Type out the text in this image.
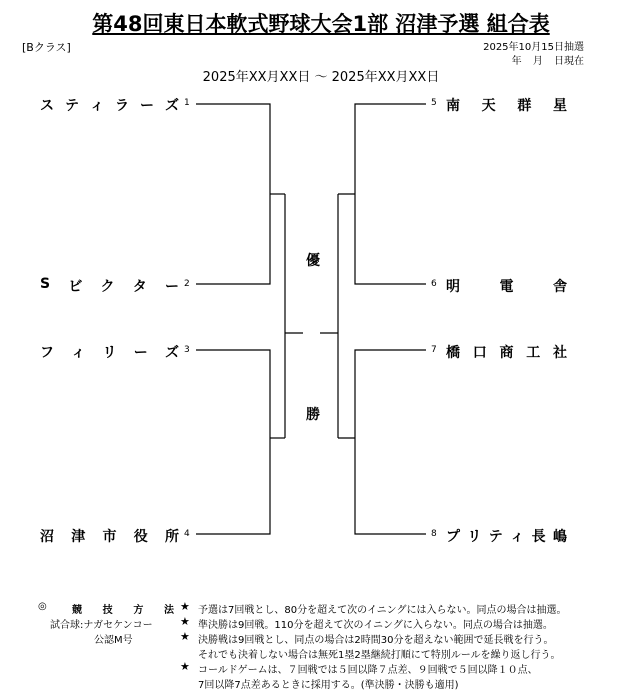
第48回東日本軟式野球大会1部 沼津予選 組合表
[Bクラス]	2025年10月15日抽選
年 月 日現在
2025年XX月XX日 ～ 2025年XX月XX日
優
勝
ス テ ィ ラ ー ズ 1
S ビ ク タ ー 2
フ ィ リ ー ズ 3
沼 津 市 役 所 4
5 南 天 群 星
6 明	電	舎
7 橋 口 商 工 社
8 プ リ テ ィ 長 嶋
◎	競 技 方 法
試合球:ナガセケンコー
公認M号
★ 予選は7回戦とし、80分を超えて次のイニングには入らない。同点の場合は抽選。
★ 準決勝は9回戦。110分を超えて次のイニングに入らない。同点の場合は抽選。
★ 決勝戦は9回戦とし、同点の場合は2時間30分を超えない範囲で延長戦を行う。
それでも決着しない場合は無死1塁2塁継続打順にて特別ルールを繰り返し行う。
★ コールドゲームは、７回戦では５回以降７点差、９回戦で５回以降１０点、
7回以降7点差あるときに採用する。(準決勝・決勝も適用)
